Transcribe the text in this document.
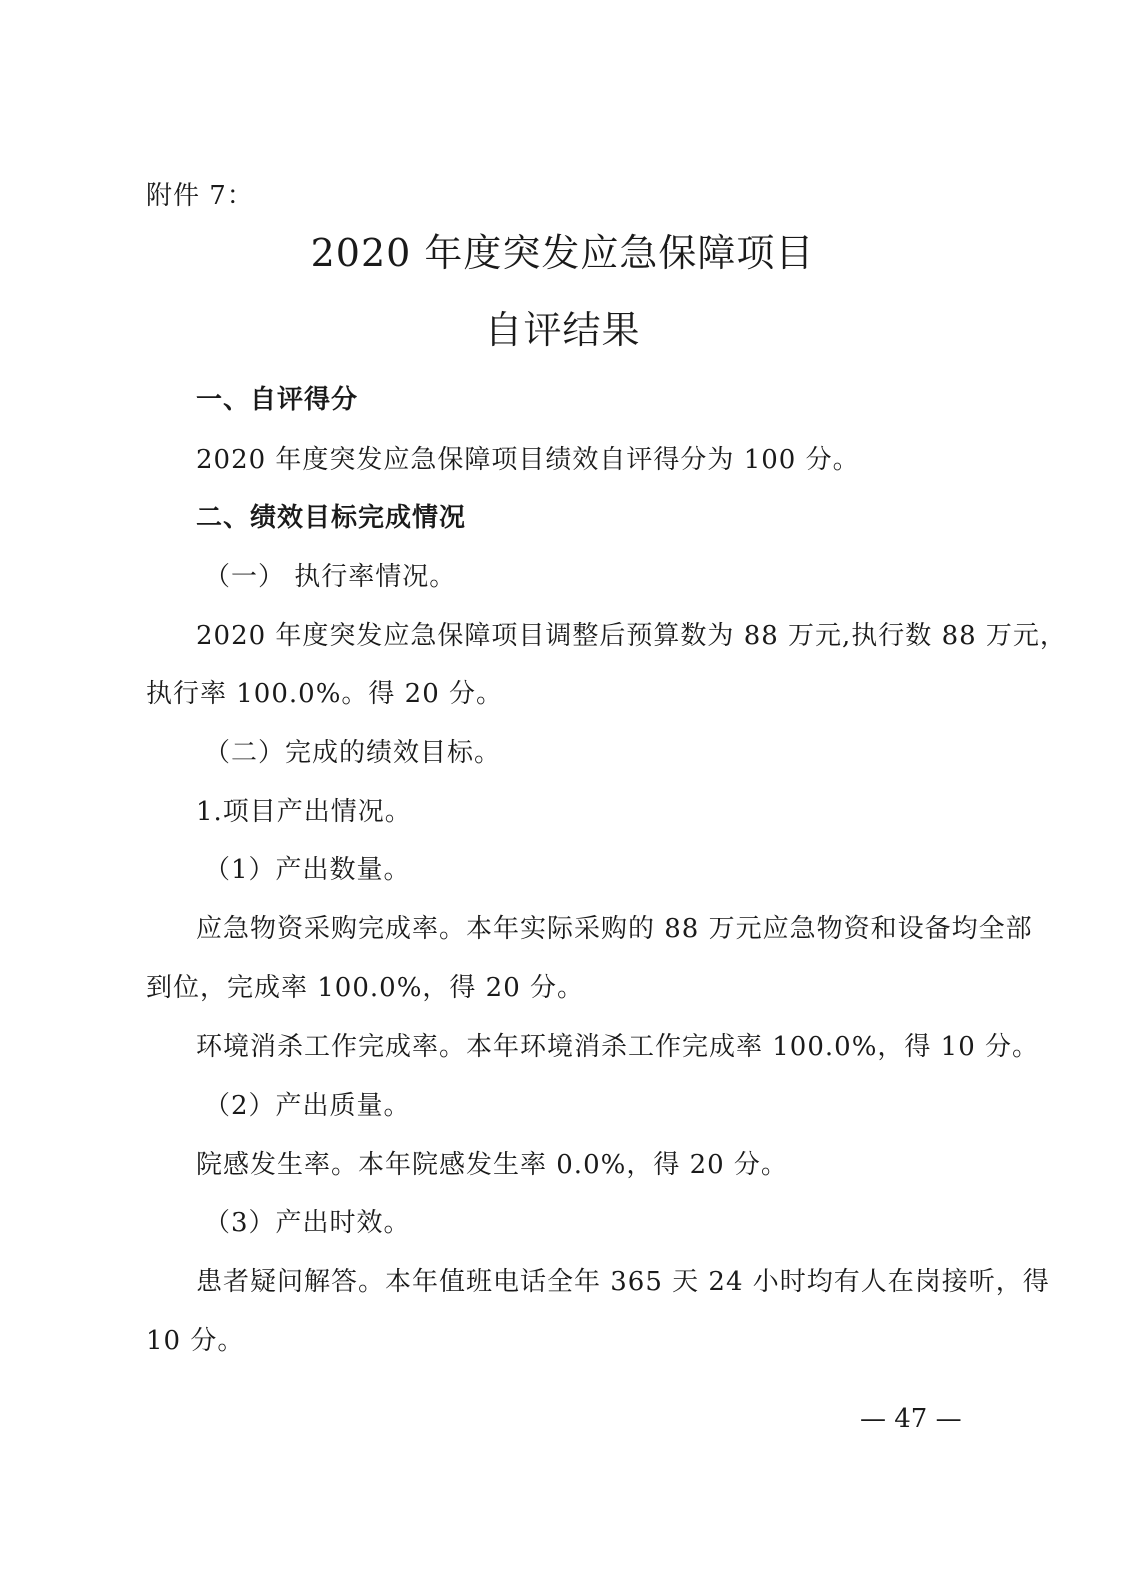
附件 7：
2020 年度突发应急保障项目
自评结果
一、自评得分
2020 年度突发应急保障项目绩效自评得分为 100 分。
二、绩效目标完成情况
（一） 执行率情况。
2020 年度突发应急保障项目调整后预算数为 88 万元,执行数 88 万元，
执行率 100.0%。得 20 分。
（二）完成的绩效目标。
1.项目产出情况。
（1）产出数量。
应急物资采购完成率。本年实际采购的 88 万元应急物资和设备均全部
到位，完成率 100.0%，得 20 分。
环境消杀工作完成率。本年环境消杀工作完成率 100.0%，得 10 分。
（2）产出质量。
院感发生率。本年院感发生率 0.0%，得 20 分。
（3）产出时效。
患者疑问解答。本年值班电话全年 365 天 24 小时均有人在岗接听，得
10 分。
— 47 —
